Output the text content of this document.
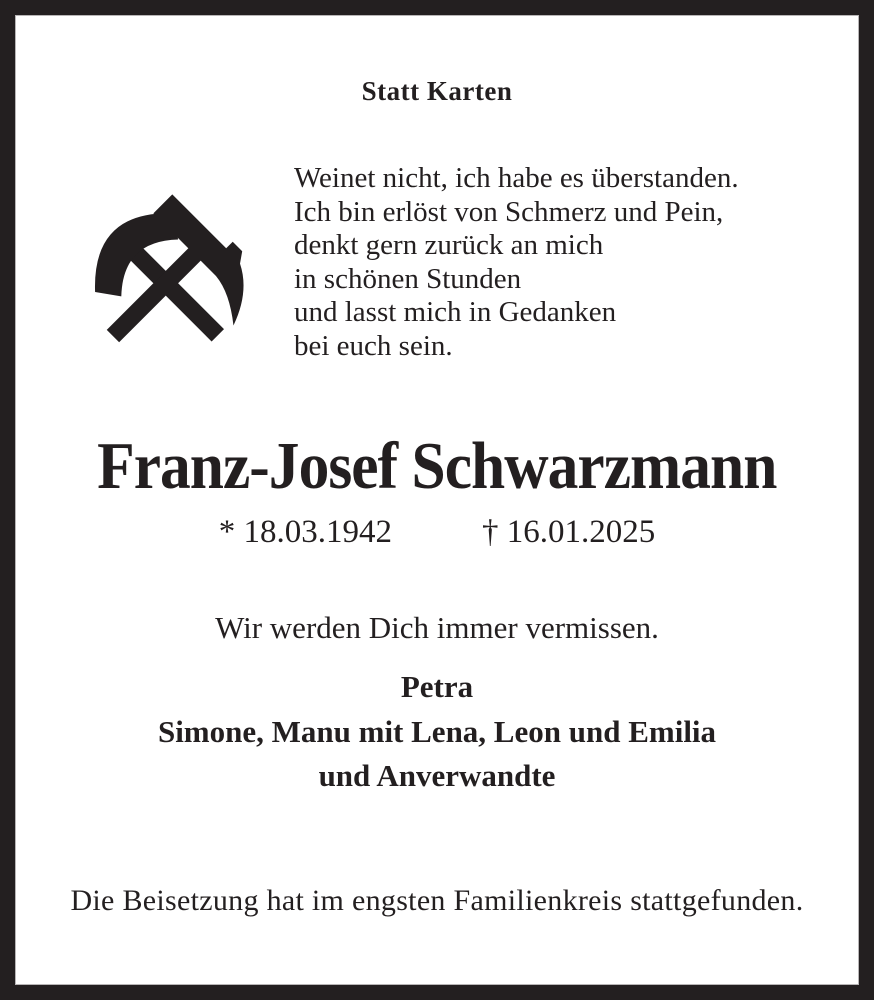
Statt Karten
Weinet nicht, ich habe es überstanden.
Ich bin erlöst von Schmerz und Pein,
denkt gern zurück an mich
in schönen Stunden
und lasst mich in Gedanken
bei euch sein.
Franz-Josef Schwarzmann
* 18.03.1942	† 16.01.2025
Wir werden Dich immer vermissen.
Petra
Simone, Manu mit Lena, Leon und Emilia
und Anverwandte
Die Beisetzung hat im engsten Familienkreis stattgefunden.
